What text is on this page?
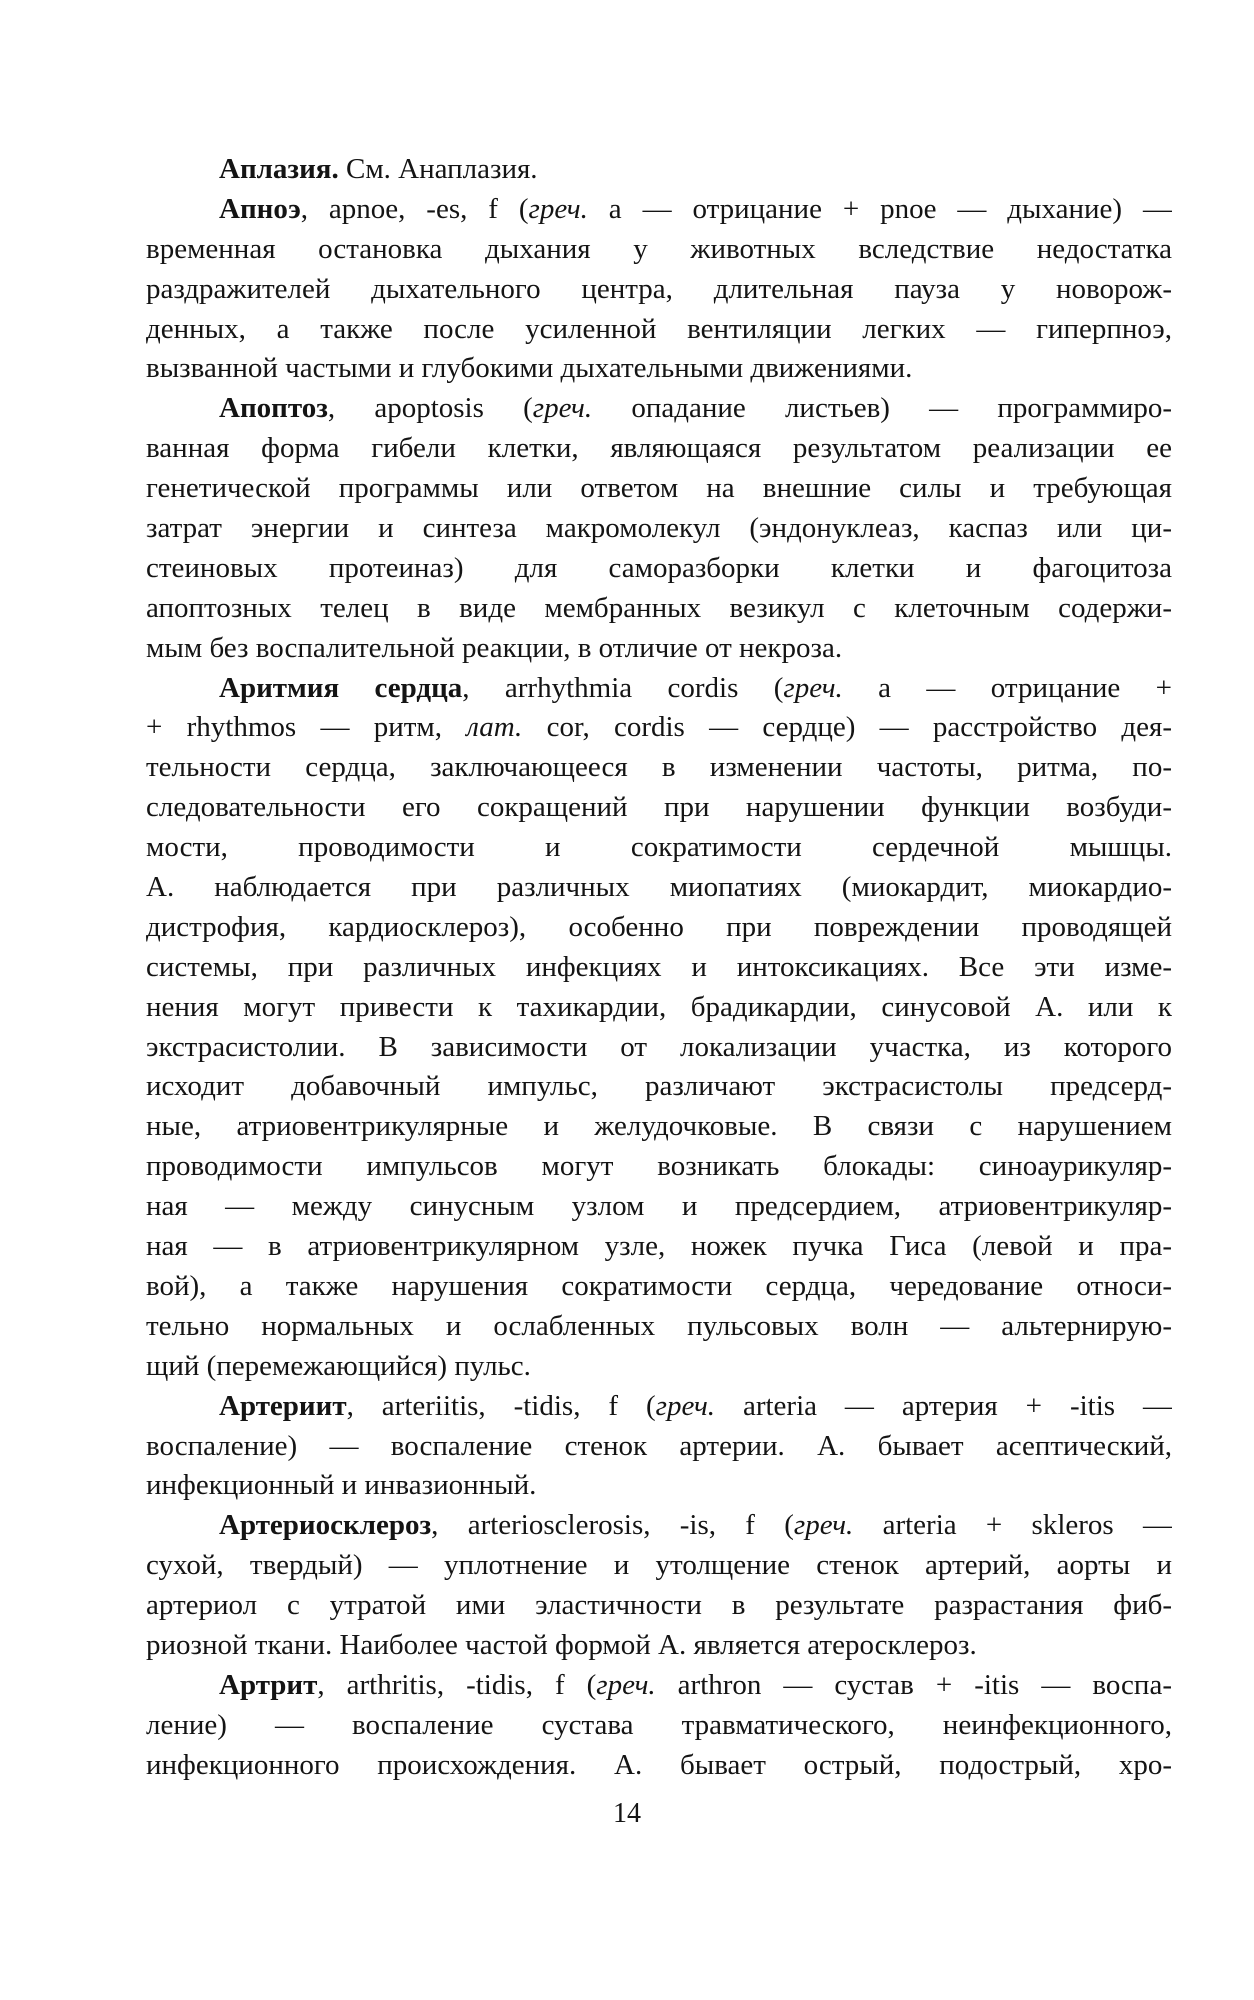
Аплазия. См. Анаплазия.
Апноэ, apnoe, -es, f (греч. a — отрицание + pnoe — дыхание) —
временная остановка дыхания у животных вследствие недостатка
раздражителей дыхательного центра, длительная пауза у новорож-
денных, а также после усиленной вентиляции легких — гиперпноэ,
вызванной частыми и глубокими дыхательными движениями.
Апоптоз, apoptosis (греч. опадание листьев) — программиро-
ванная форма гибели клетки, являющаяся результатом реализации ее
генетической программы или ответом на внешние силы и требующая
затрат энергии и синтеза макромолекул (эндонуклеаз, каспаз или ци-
стеиновых протеиназ) для саморазборки клетки и фагоцитоза
апоптозных телец в виде мембранных везикул с клеточным содержи-
мым без воспалительной реакции, в отличие от некроза.
Аритмия сердца, arrhythmia cordis (греч. a — отрицание +
+ rhythmos — ритм, лат. cor, cordis — сердце) — расстройство дея-
тельности сердца, заключающееся в изменении частоты, ритма, по-
следовательности его сокращений при нарушении функции возбуди-
мости, проводимости и сократимости сердечной мышцы.
А. наблюдается при различных миопатиях (миокардит, миокардио-
дистрофия, кардиосклероз), особенно при повреждении проводящей
системы, при различных инфекциях и интоксикациях. Все эти изме-
нения могут привести к тахикардии, брадикардии, синусовой А. или к
экстрасистолии. В зависимости от локализации участка, из которого
исходит добавочный импульс, различают экстрасистолы предсерд-
ные, атриовентрикулярные и желудочковые. В связи с нарушением
проводимости импульсов могут возникать блокады: синоаурикуляр-
ная — между синусным узлом и предсердием, атриовентрикуляр-
ная — в атриовентрикулярном узле, ножек пучка Гиса (левой и пра-
вой), а также нарушения сократимости сердца, чередование относи-
тельно нормальных и ослабленных пульсовых волн — альтернирую-
щий (перемежающийся) пульс.
Артериит, arteriitis, -tidis, f (греч. arteria — артерия + -itis —
воспаление) — воспаление стенок артерии. А. бывает асептический,
инфекционный и инвазионный.
Артериосклероз, arteriosclerosis, -is, f (греч. arteria + skleros —
сухой, твердый) — уплотнение и утолщение стенок артерий, аорты и
артериол с утратой ими эластичности в результате разрастания фиб-
риозной ткани. Наиболее частой формой А. является атеросклероз.
Артрит, arthritis, -tidis, f (греч. arthron — сустав + -itis — воспа-
ление) — воспаление сустава травматического, неинфекционного,
инфекционного происхождения. А. бывает острый, подострый, хро-
14
